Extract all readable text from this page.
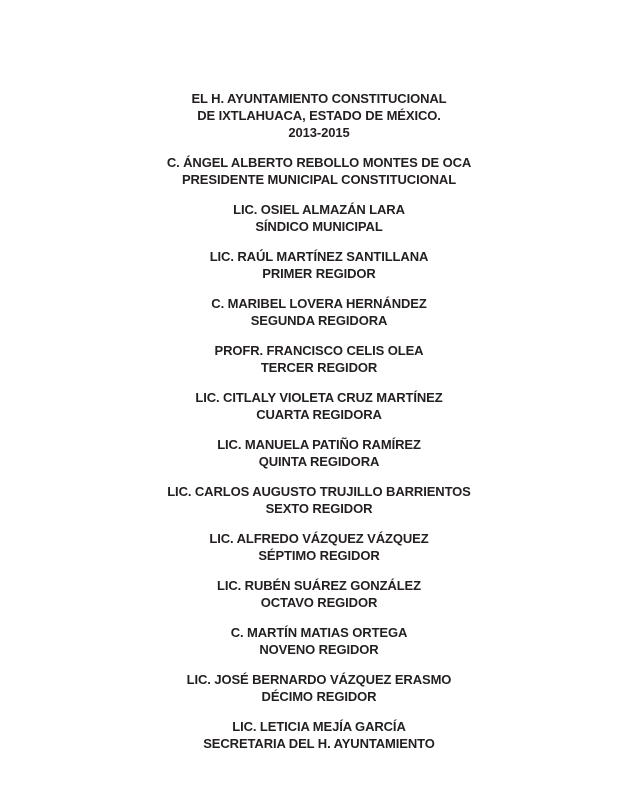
EL H. AYUNTAMIENTO CONSTITUCIONAL
DE IXTLAHUACA, ESTADO DE MÉXICO.
2013-2015
C. ÁNGEL ALBERTO REBOLLO MONTES DE OCA
PRESIDENTE MUNICIPAL CONSTITUCIONAL
LIC. OSIEL ALMAZÁN LARA
SÍNDICO MUNICIPAL
LIC. RAÚL MARTÍNEZ SANTILLANA
PRIMER REGIDOR
C. MARIBEL LOVERA HERNÁNDEZ
SEGUNDA REGIDORA
PROFR. FRANCISCO CELIS OLEA
TERCER REGIDOR
LIC. CITLALY VIOLETA CRUZ MARTÍNEZ
CUARTA REGIDORA
LIC. MANUELA PATIÑO RAMÍREZ
QUINTA REGIDORA
LIC. CARLOS AUGUSTO TRUJILLO BARRIENTOS
SEXTO REGIDOR
LIC. ALFREDO VÁZQUEZ VÁZQUEZ
SÉPTIMO REGIDOR
LIC. RUBÉN SUÁREZ GONZÁLEZ
OCTAVO REGIDOR
C. MARTÍN MATIAS ORTEGA
NOVENO REGIDOR
LIC. JOSÉ BERNARDO VÁZQUEZ ERASMO
DÉCIMO REGIDOR
LIC. LETICIA MEJÍA GARCÍA
SECRETARIA DEL H. AYUNTAMIENTO
